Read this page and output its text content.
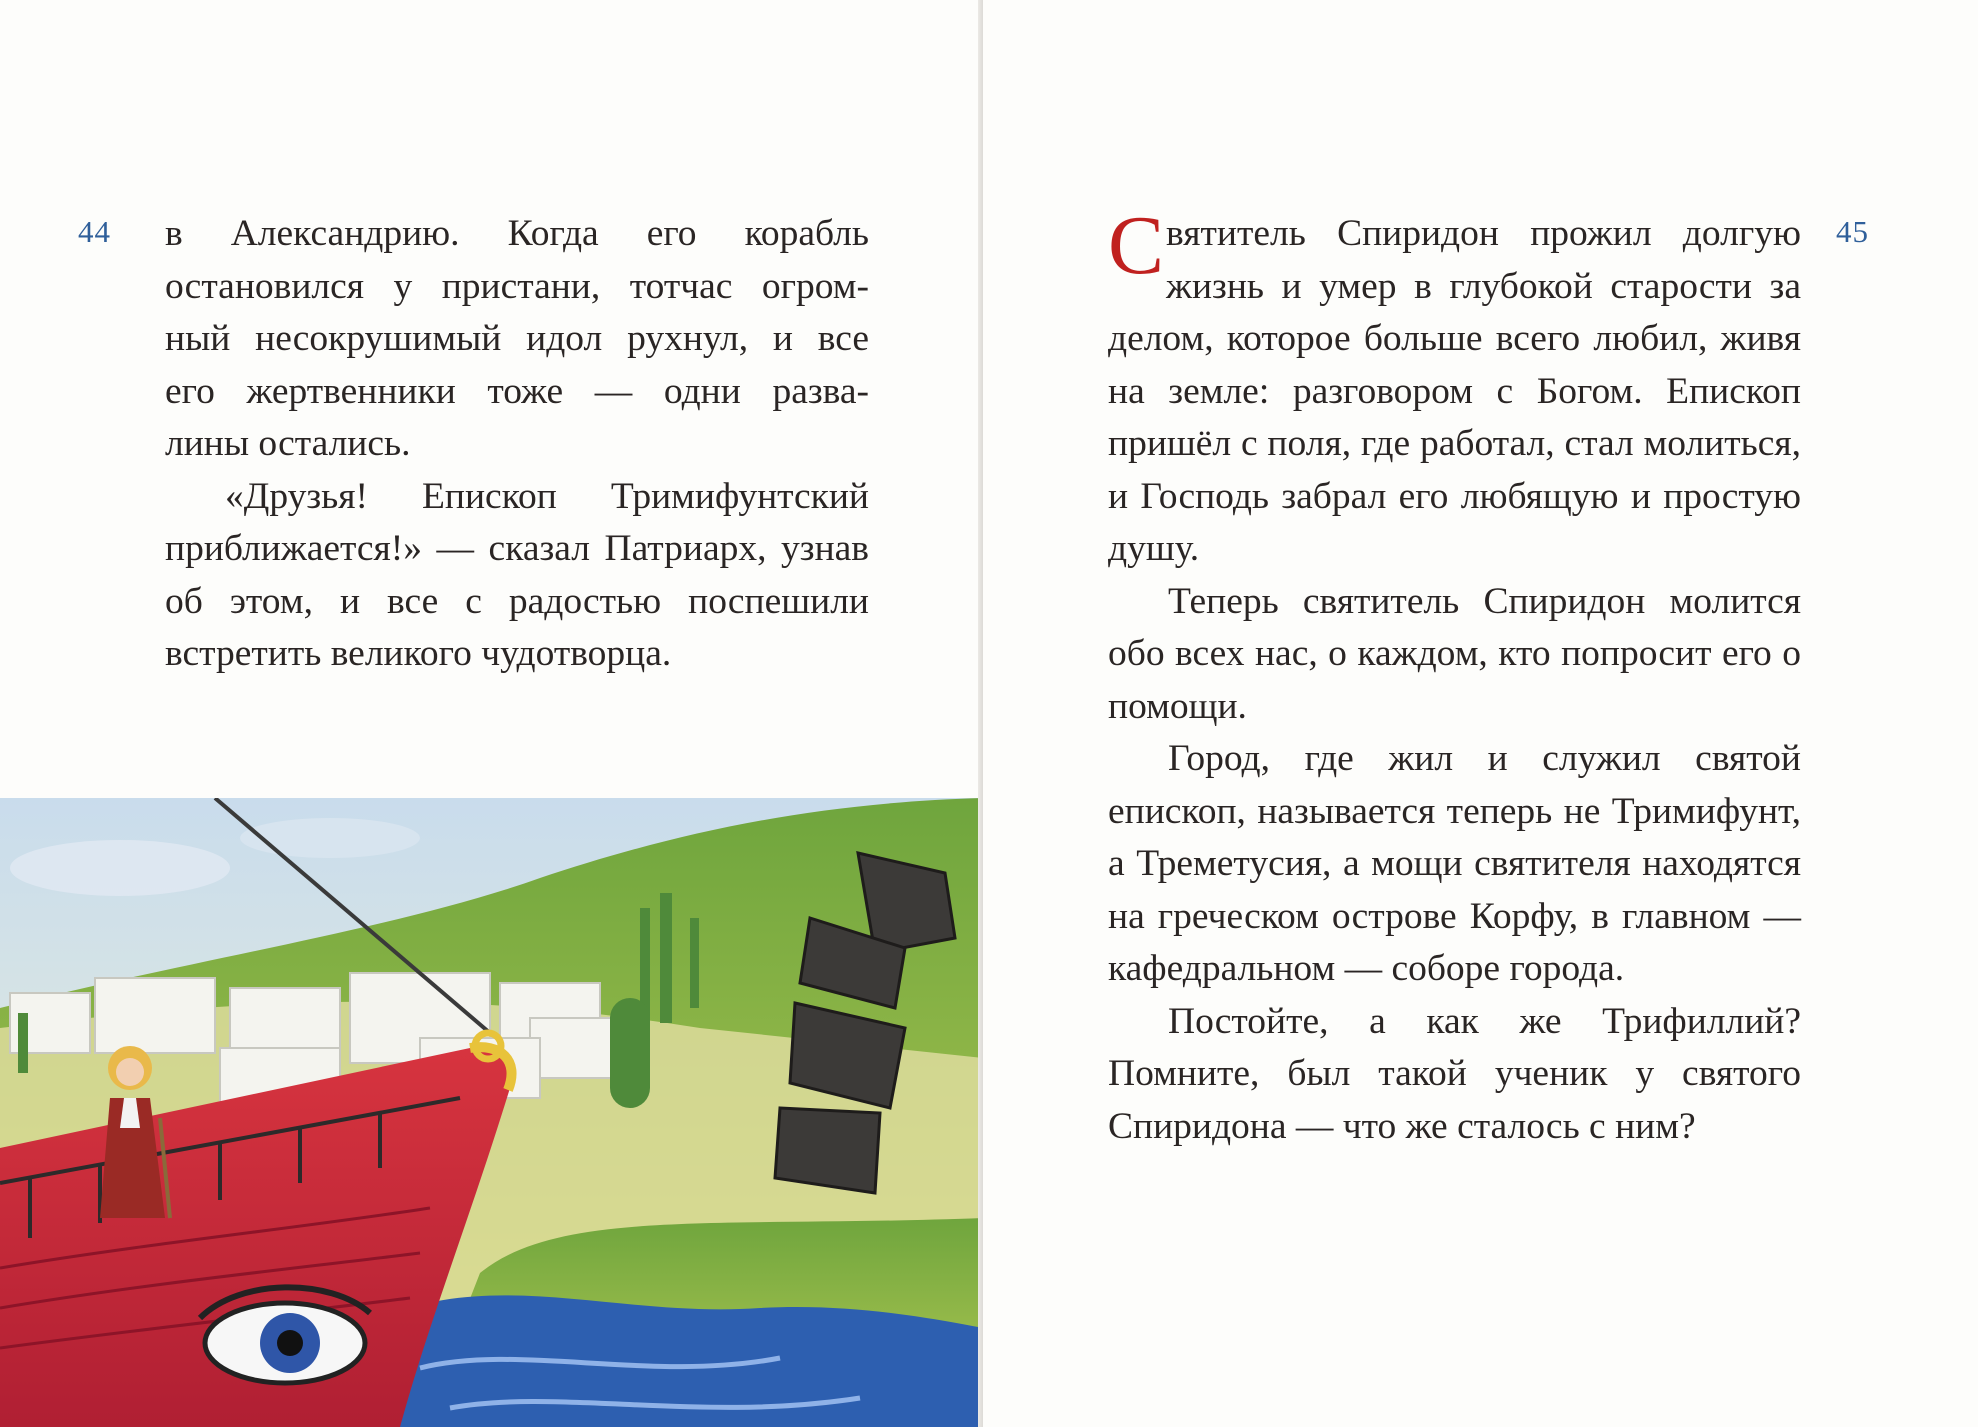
44 в Александрию. Когда его корабль

остановился у пристани, тотчас огром-

ный несокрушимый идол рухнул, и все

его жертвенники тоже — одни разва-

лины остались.

«Друзья! Епископ Тримифунтский приближается!» — сказал Патриарх, узнав об этом, и все с радостью поспешили встретить великого чудотворца.

45

Святитель Спиридон прожил долгую жизнь и умер в глубокой старости за делом, которое больше всего любил, живя на земле: разговором с Богом. Епископ пришёл с поля, где работал, стал молиться, и Господь забрал его любящую и простую душу.

Теперь святитель Спиридон молится обо всех нас, о каждом, кто попросит его о помощи.

Город, где жил и служил святой епископ, называется теперь не Тримифунт, а Треметусия, а мощи святителя находятся на греческом острове Корфу, в главном — кафедральном — соборе города.

Постойте, а как же Трифиллий? Помните, был такой ученик у святого Спиридона — что же сталось с ним?
